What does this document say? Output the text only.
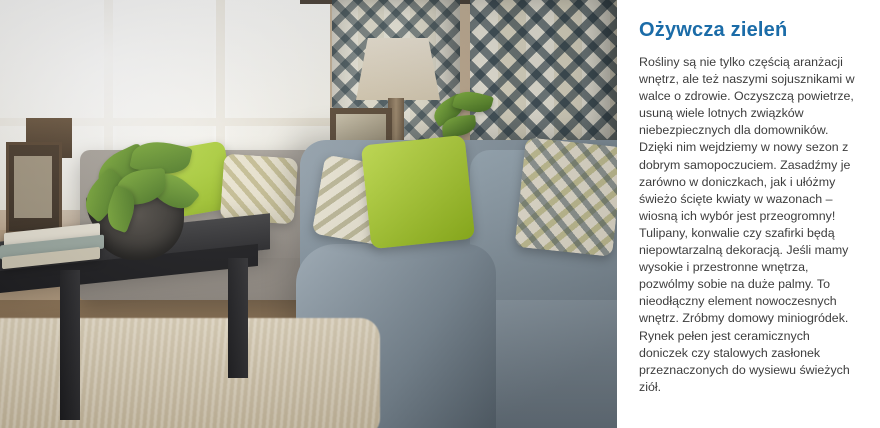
Ożywcza zieleń

Rośliny są nie tylko częścią aranżacji wnętrz, ale też naszymi sojusznikami w walce o zdrowie. Oczyszczą powietrze, usuną wiele lotnych związków niebezpiecznych dla domowników. Dzięki nim wejdziemy w nowy sezon z dobrym samopoczuciem. Zasadźmy je zarówno w doniczkach, jak i ułóżmy świeżo ścięte kwiaty w wazonach – wiosną ich wybór jest przeogromny! Tulipany, konwalie czy szafirki będą niepowtarzalną dekoracją. Jeśli mamy wysokie i przestronne wnętrza, pozwólmy sobie na duże palmy. To nieodłączny element nowoczesnych wnętrz. Zróbmy domowy miniogródek. Rynek pełen jest ceramicznych doniczek czy stalowych zasłonek przeznaczonych do wysiewu świeżych ziół.
